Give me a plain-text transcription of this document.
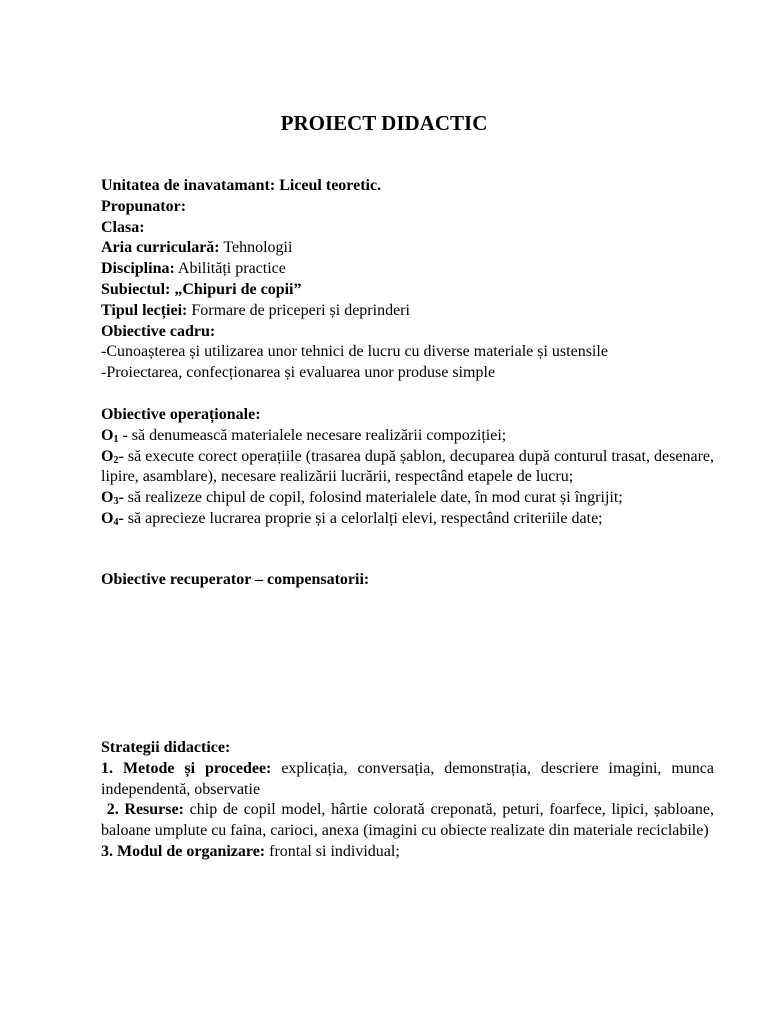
PROIECT DIDACTIC
Unitatea de inavatamant: Liceul teoretic.
Propunator:
Clasa:
Aria curriculară: Tehnologii
Disciplina: Abilități practice
Subiectul: „Chipuri de copii”
Tipul lecției: Formare de priceperi și deprinderi
Obiective cadru:
-Cunoașterea și utilizarea unor tehnici de lucru cu diverse materiale și ustensile
-Proiectarea, confecționarea și evaluarea unor produse simple
Obiective operaționale:
$O_1$ - să denumească materialele necesare realizării compoziției;
$O_2-$ să execute corect operațiile (trasarea după șablon, decuparea după conturul trasat, desenare, lipire, asamblare), necesare realizării lucrării, respectând etapele de lucru;
$O_3-$ să realizeze chipul de copil, folosind materialele date, în mod curat și îngrijit;
$O_4-$ să aprecieze lucrarea proprie și a celorlalți elevi, respectând criteriile date;
Obiective recuperator – compensatorii:
Strategii didactice:
1. Metode și procedee: explicația, conversația, demonstrația, descriere imagini, munca independentă, observatie
2. Resurse: chip de copil model, hârtie colorată creponată, peturi, foarfece, lipici, șabloane, baloane umplute cu faina, carioci, anexa (imagini cu obiecte realizate din materiale reciclabile)
3. Modul de organizare: frontal si individual;
